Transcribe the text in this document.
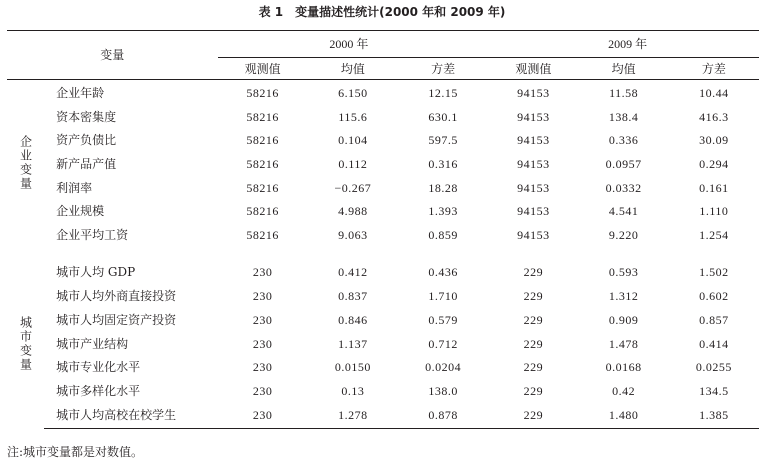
表 1 变量描述性统计(2000 年和 2009 年)
变量		2000 年			2009 年		
		观测值	均值	方差	观测值	均值	方差
企业变量	企业年龄	58216	6.150	12.15	94153	11.58	10.44
	资本密集度	58216	115.6	630.1	94153	138.4	416.3
	资产负债比	58216	0.104	597.5	94153	0.336	30.09
	新产品产值	58216	0.112	0.316	94153	0.0957	0.294
	利润率	58216	−0.267	18.28	94153	0.0332	0.161
	企业规模	58216	4.988	1.393	94153	4.541	1.110
	企业平均工资	58216	9.063	0.859	94153	9.220	1.254

城市变量	城市人均 GDP	230	0.412	0.436	229	0.593	1.502
	城市人均外商直接投资	230	0.837	1.710	229	1.312	0.602
	城市人均固定资产投资	230	0.846	0.579	229	0.909	0.857
	城市产业结构	230	1.137	0.712	229	1.478	0.414
	城市专业化水平	230	0.0150	0.0204	229	0.0168	0.0255
	城市多样化水平	230	0.13	138.0	229	0.42	134.5
	城市人均高校在校学生	230	1.278	0.878	229	1.480	1.385
注:城市变量都是对数值。
